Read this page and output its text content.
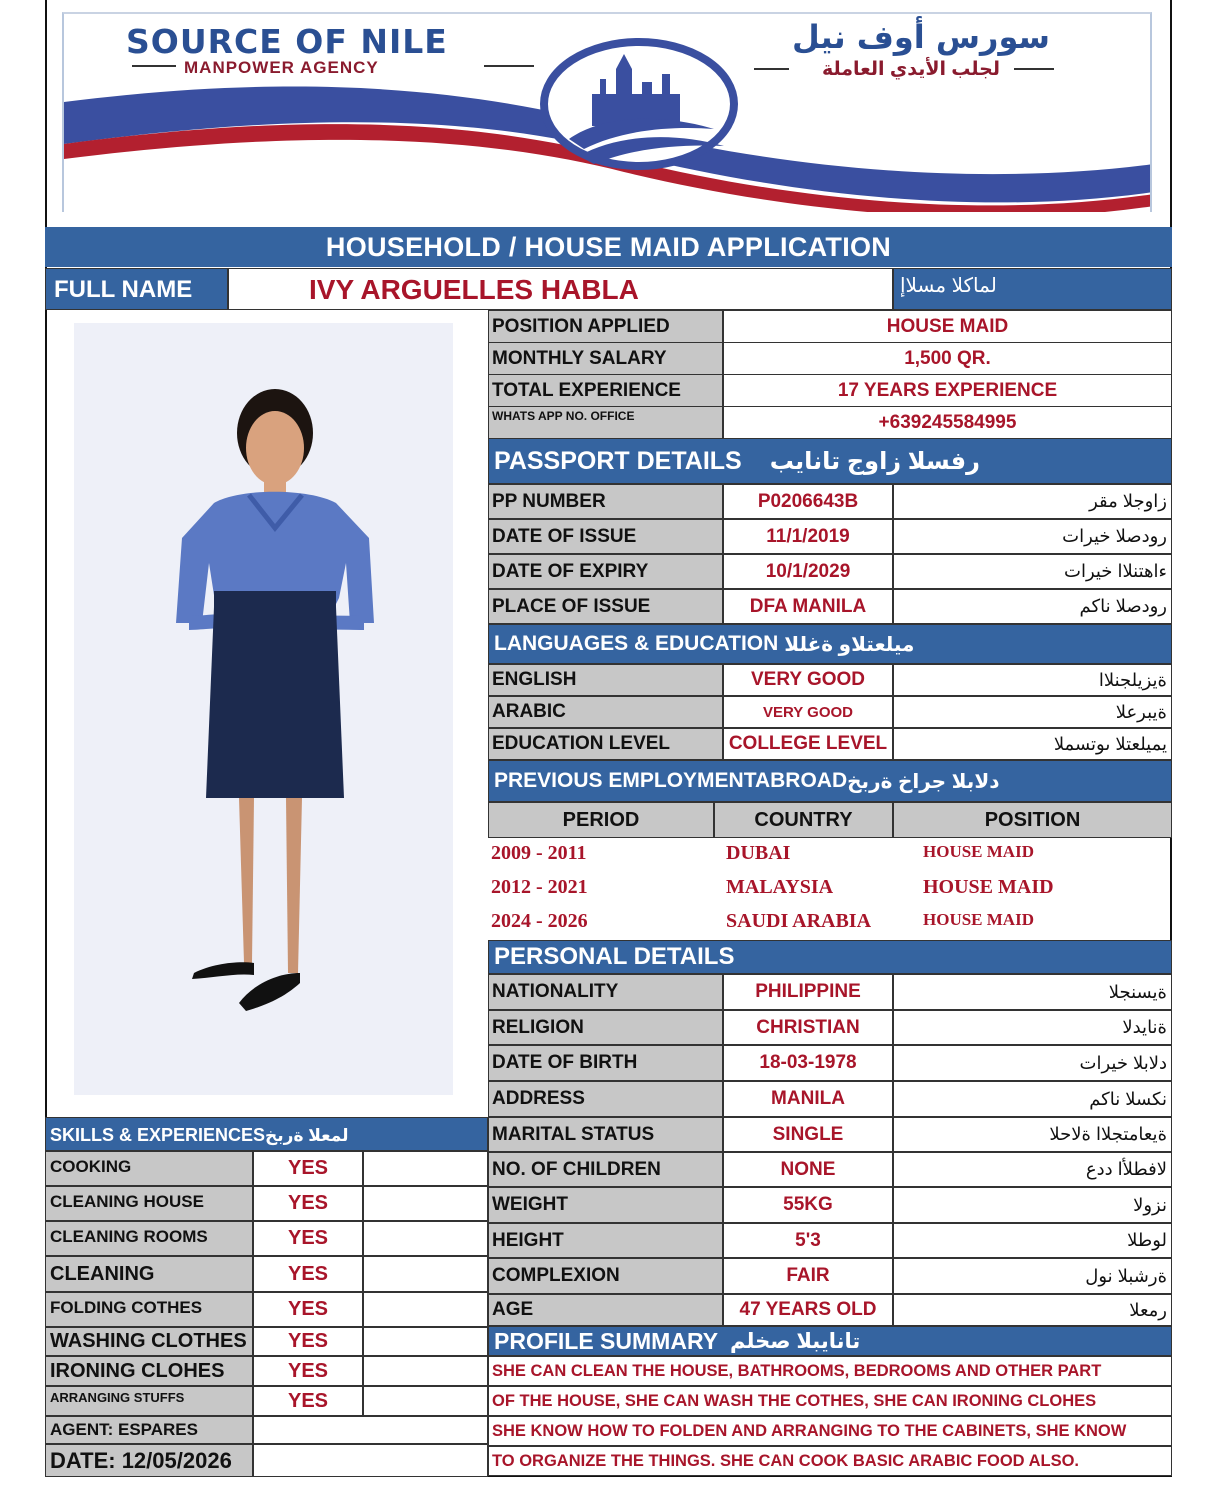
SOURCE OF NILE
MANPOWER AGENCY
سورس أوف نيل
لجلب الأيدي العاملة
HOUSEHOLD / HOUSE MAID APPLICATION
FULL NAME	IVY ARGUELLES HABLA	لماكلا مسلاإ
POSITION APPLIED	HOUSE MAID
MONTHLY SALARY	1,500 QR.
TOTAL EXPERIENCE	17 YEARS EXPERIENCE
WHATS APP NO. OFFICE	+639245584995
PASSPORT DETAILS رفسلا زاوج تانايب
PP NUMBER	P0206643B	زاوجلا مقر
DATE OF ISSUE	11/1/2019	رودصلا خيرات
DATE OF EXPIRY	10/1/2029	ءاهتنلاا خيرات
PLACE OF ISSUE	DFA MANILA	رودصلا ناكم
LANGUAGES & EDUCATION ميلعتلاو ةغللا
ENGLISH	VERY GOOD	ةيزيلجنلاا
ARABIC	VERY GOOD	ةيبرعلا
EDUCATION LEVEL	COLLEGE LEVEL	يميلعتلا ىوتسملا
PREVIOUS EMPLOYMENTABROAD دلابلا جراخ ةربخ
PERIOD	COUNTRY	POSITION
2009 - 2011	DUBAI	HOUSE MAID
2012 - 2021	MALAYSIA	HOUSE MAID
2024 - 2026	SAUDI ARABIA	HOUSE MAID
PERSONAL DETAILS
NATIONALITY	PHILIPPINE	ةيسنجلا
RELIGION	CHRISTIAN	ةنايدلا
DATE OF BIRTH	18-03-1978	دلابلا خيرات
ADDRESS	MANILA	نكسلا ناكم
MARITAL STATUS	SINGLE	ةيعامتجلاا ةلاحلا
NO. OF CHILDREN	NONE	لافطلأا ددع
WEIGHT	55KG	نزولا
HEIGHT	5'3	لوطلا
COMPLEXION	FAIR	ةرشبلا نول
AGE	47 YEARS OLD	رمعلا
SKILLS & EXPERIENCESلمعلا ةربخ
COOKING	YES
CLEANING HOUSE	YES
CLEANING ROOMS	YES
CLEANING	YES
FOLDING COTHES	YES
WASHING CLOTHES	YES
IRONING CLOHES	YES
ARRANGING STUFFS	YES
AGENT: ESPARES
DATE: 12/05/2026
PROFILE SUMMARY تانايبلا صخلم
SHE CAN CLEAN THE HOUSE, BATHROOMS, BEDROOMS AND OTHER PART
OF THE HOUSE, SHE CAN WASH THE COTHES, SHE CAN IRONING CLOHES
SHE KNOW HOW TO FOLDEN AND ARRANGING TO THE CABINETS, SHE KNOW
TO ORGANIZE THE THINGS. SHE CAN COOK BASIC ARABIC FOOD ALSO.
